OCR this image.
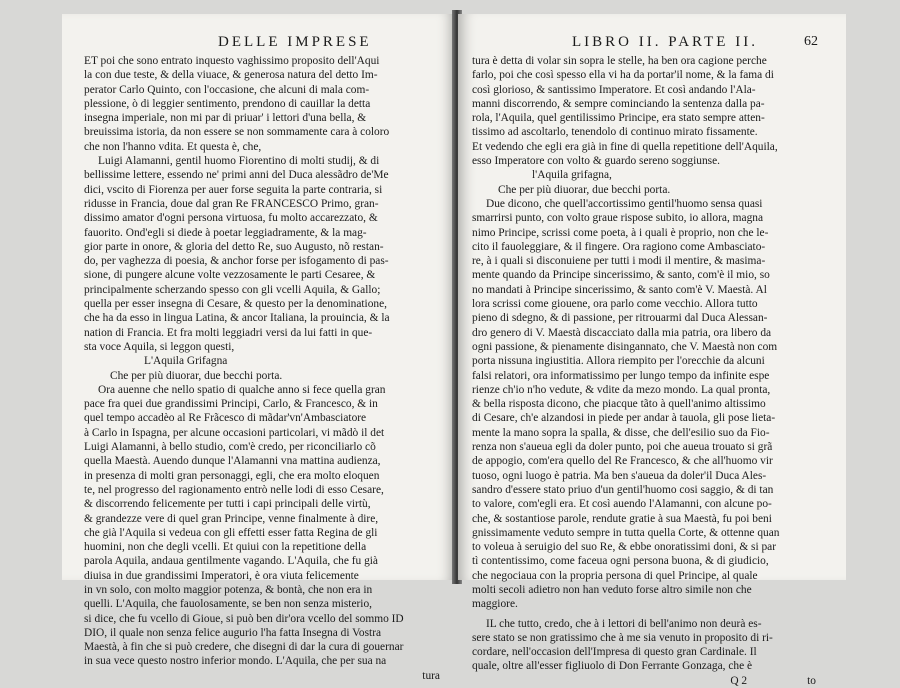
DELLE IMPRESE
ET poi che sono entrato inquesto vaghissimo proposito dell'Aqui
la con due teste, & della viuace, & generosa natura del detto Im-
perator Carlo Quinto, con l'occasione, che alcuni di mala com-
plessione, ò di leggier sentimento, prendono di cauillar la detta
insegna imperiale, non mi par di priuar' i lettori d'una bella, &
breuissima istoria, da non essere se non sommamente cara à coloro
che non l'hanno vdita. Et questa è, che,
Luigi Alamanni, gentil huomo Fiorentino di molti studij, & di
bellissime lettere, essendo ne' primi anni del Duca alessãdro de'Me
dici, vscito di Fiorenza per auer forse seguita la parte contraria, si
ridusse in Francia, doue dal gran Re FRANCESCO Primo, gran-
dissimo amator d'ogni persona virtuosa, fu molto accarezzato, &
fauorito. Ond'egli si diede à poetar leggiadramente, & la mag-
gior parte in onore, & gloria del detto Re, suo Augusto, nõ restan-
do, per vaghezza di poesia, & anchor forse per isfogamento di pas-
sione, di pungere alcune volte vezzosamente le parti Cesaree, &
principalmente scherzando spesso con gli vcelli Aquila, & Gallo;
quella per esser insegna di Cesare, & questo per la denominatione,
che ha da esso in lingua Latina, & ancor Italiana, la prouincia, & la
nation di Francia. Et fra molti leggiadri versi da lui fatti in que-
sta voce Aquila, si leggon questi,
L'Aquila Grifagna
Che per più diuorar, due becchi porta.
Ora auenne che nello spatio di qualche anno si fece quella gran
pace fra quei due grandissimi Principi, Carlo, & Francesco, & in
quel tempo accadèo al Re Frãcesco di mãdar'vn'Ambasciatore
à Carlo in Ispagna, per alcune occasioni particolari, vi mãdò il det
Luigi Alamanni, à bello studio, com'è credo, per riconciliarlo cõ
quella Maestà. Auendo dunque l'Alamanni vna mattina audienza,
in presenza di molti gran personaggi, egli, che era molto eloquen
te, nel progresso del ragionamento entrò nelle lodi di esso Cesare,
& discorrendo felicemente per tutti i capi principali delle virtù,
& grandezze vere di quel gran Principe, venne finalmente à dire,
che già l'Aquila si vedeua con gli effetti esser fatta Regina de gli
huomini, non che degli vcelli. Et quiui con la repetitione della
parola Aquila, andaua gentilmente vagando. L'Aquila, che fu già
diuisa in due grandissimi Imperatori, è ora viuta felicemente
in vn solo, con molto maggior potenza, & bontà, che non era in
quelli. L'Aquila, che fauolosamente, se ben non senza misterio,
si dice, che fu vcello di Gioue, si può ben dir'ora vcello del sommo ID
DIO, il quale non senza felice augurio l'ha fatta Insegna di Vostra
Maestà, à fin che si può credere, che disegni di dar la cura di gouernar
in sua vece questo nostro inferior mondo. L'Aquila, che per sua na
tura
LIBRO II. PARTE II.	62
tura è detta di volar sin sopra le stelle, ha ben ora cagione perche
farlo, poi che così spesso ella vi ha da portar'il nome, & la fama di
così glorioso, & santissimo Imperatore. Et così andando l'Ala-
manni discorrendo, & sempre cominciando la sentenza dalla pa-
rola, l'Aquila, quel gentilissimo Principe, era stato sempre atten-
tissimo ad ascoltarlo, tenendolo di continuo mirato fissamente.
Et vedendo che egli era già in fine di quella repetitione dell'Aquila,
esso Imperatore con volto & guardo sereno soggiunse.
l'Aquila grifagna,
Che per più diuorar, due becchi porta.
Due dicono, che quell'accortissimo gentil'huomo sensa quasi
smarrirsi punto, con volto graue rispose subito, io allora, magna
nimo Principe, scrissi come poeta, à i quali è proprio, non che le-
cito il fauoleggiare, & il fingere. Ora ragiono come Ambasciato-
re, à i quali si disconuiene per tutti i modi il mentire, & masima-
mente quando da Principe sincerissimo, & santo, com'è il mio, so
no mandati à Principe sincerissimo, & santo com'è V. Maestà. Al
lora scrissi come giouene, ora parlo come vecchio. Allora tutto
pieno di sdegno, & di passione, per ritrouarmi dal Duca Alessan-
dro genero di V. Maestà discacciato dalla mia patria, ora libero da
ogni passione, & pienamente disingannato, che V. Maestà non com
porta nissuna ingiustitia. Allora riempito per l'orecchie da alcuni
falsi relatori, ora informatissimo per lungo tempo da infinite espe
rienze ch'io n'ho vedute, & vdite da mezo mondo. La qual pronta,
& bella risposta dicono, che piacque tãto à quell'animo altissimo
di Cesare, ch'e alzandosi in piede per andar à tauola, gli pose lieta-
mente la mano sopra la spalla, & disse, che dell'esilio suo da Fio-
renza non s'aueua egli da doler punto, poi che aueua trouato si grã
de appogio, com'era quello del Re Francesco, & che all'huomo vir
tuoso, ogni luogo è patria. Ma ben s'aueua da doler'il Duca Ales-
sandro d'essere stato priuo d'un gentil'huomo cosi saggio, & di tan
to valore, com'egli era. Et così auendo l'Alamanni, con alcune po-
che, & sostantiose parole, rendute gratie à sua Maestà, fu poi beni
gnissimamente veduto sempre in tutta quella Corte, & ottenne quan
to voleua à seruigio del suo Re, & ebbe onoratissimi doni, & si par
tì contentissimo, come faceua ogni persona buona, & di giudicio,
che negociaua con la propria persona di quel Principe, al quale
molti secoli adietro non han veduto forse altro simile non che
maggiore.
IL che tutto, credo, che à i lettori di bell'animo non deurà es-
sere stato se non gratissimo che à me sia venuto in proposito di ri-
cordare, nell'occasion dell'Impresa di questo gran Cardinale. Il
quale, oltre all'esser figliuolo di Don Ferrante Gonzaga, che è
Q 2	to
